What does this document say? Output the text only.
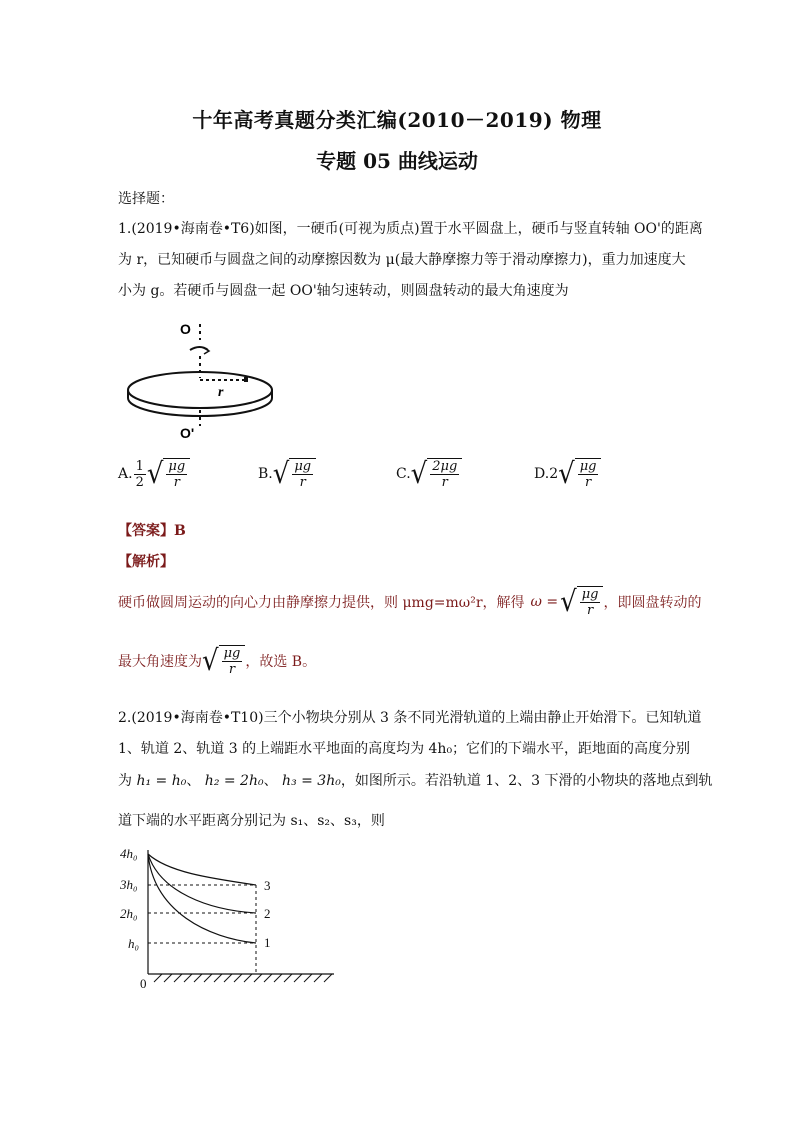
十年高考真题分类汇编(2010－2019) 物理
专题 05 曲线运动
选择题：
1.(2019•海南卷•T6)如图，一硬币(可视为质点)置于水平圆盘上，硬币与竖直转轴 OO'的距离
为 r，已知硬币与圆盘之间的动摩擦因数为 μ(最大静摩擦力等于滑动摩擦力)，重力加速度大
小为 g。若硬币与圆盘一起 OO'轴匀速转动，则圆盘转动的最大角速度为
O
r
O'
A. $\frac{1}{2}$ √ $\frac{\mu g}{r}$	B. √ $\frac{\mu g}{r}$	C. √ $\frac{2\mu g}{r}$	D. 2 √ $\frac{\mu g}{r}$
【答案】B
【解析】
硬币做圆周运动的向心力由静摩擦力提供，则 μmg=mω²r，解得 ω = √ $\frac{\mu g}{r}$ ，即圆盘转动的
最大角速度为 √ $\frac{\mu g}{r}$ ，故选 B。
2.(2019•海南卷•T10)三个小物块分别从 3 条不同光滑轨道的上端由静止开始滑下。已知轨道
1、轨道 2、轨道 3 的上端距水平地面的高度均为 4h₀；它们的下端水平，距地面的高度分别
为 h₁ = h₀、 h₂ = 2h₀、 h₃ = 3h₀，如图所示。若沿轨道 1、2、3 下滑的小物块的落地点到轨
道下端的水平距离分别记为 s₁、s₂、s₃，则
4h₀
3h₀
2h₀
h₀
0
3
2
1
